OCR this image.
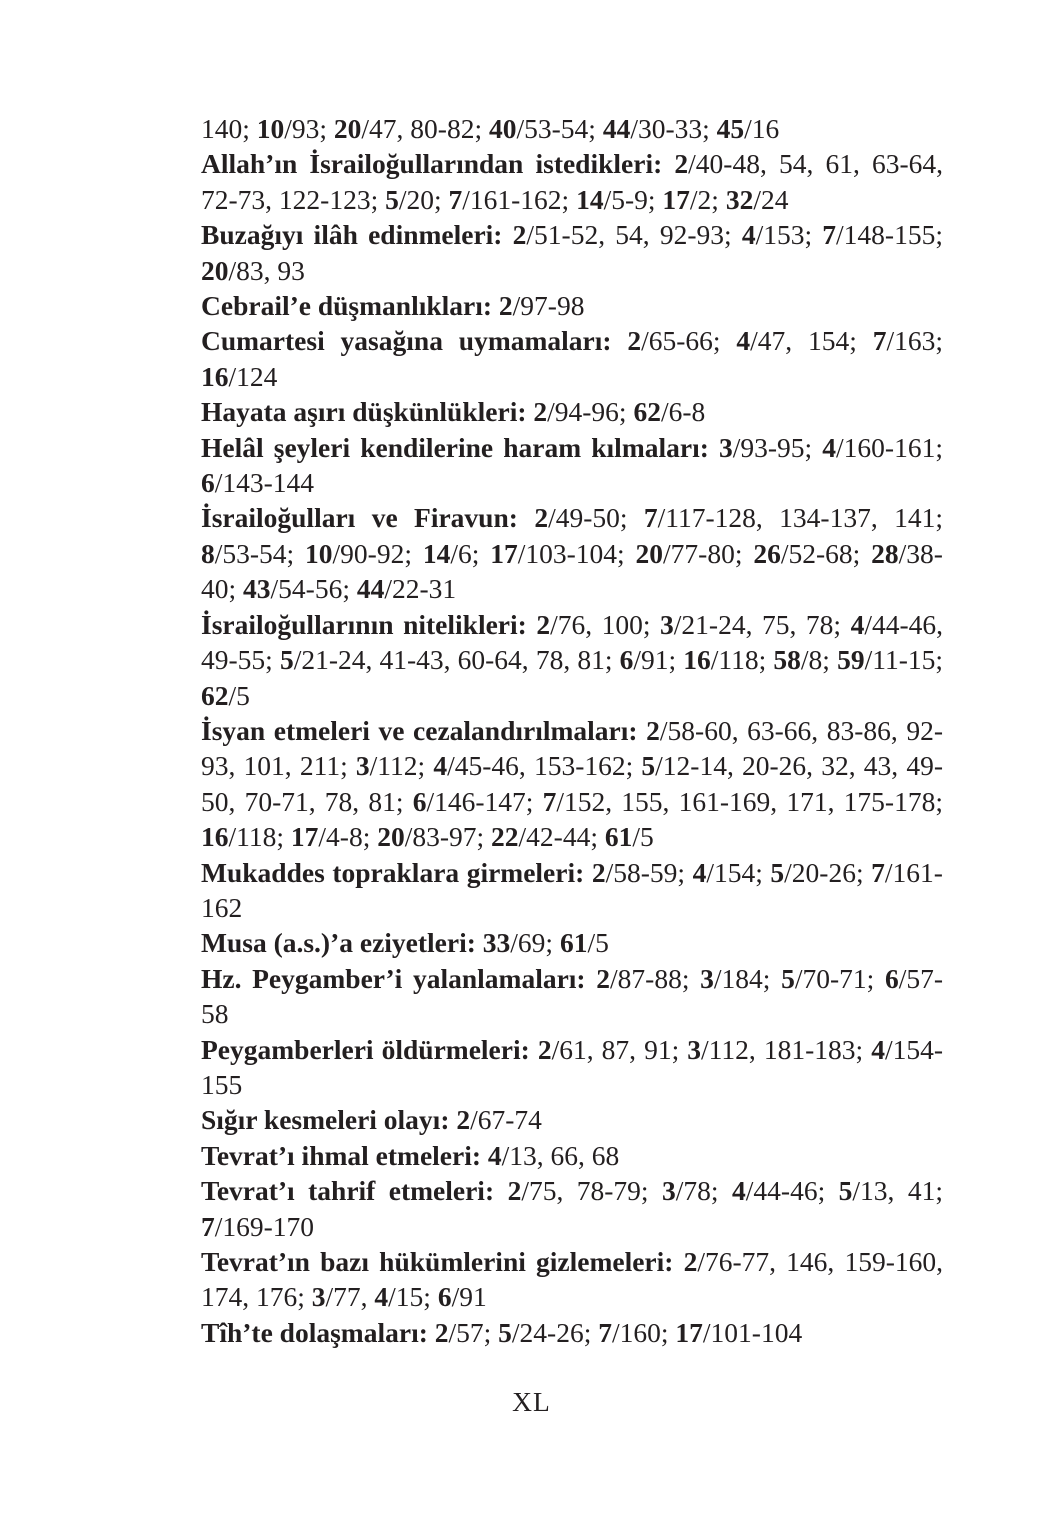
140; 10/93; 20/47, 80-82; 40/53-54; 44/30-33; 45/16

Allah’ın İsrailoğullarından istedikleri: 2/40-48, 54, 61, 63-64, 72-73, 122-123; 5/20; 7/161-162; 14/5-9; 17/2; 32/24

Buzağıyı ilâh edinmeleri: 2/51-52, 54, 92-93; 4/153; 7/148-155; 20/83, 93

Cebrail’e düşmanlıkları: 2/97-98

Cumartesi yasağına uymamaları: 2/65-66; 4/47, 154; 7/163; 16/124

Hayata aşırı düşkünlükleri: 2/94-96; 62/6-8

Helâl şeyleri kendilerine haram kılmaları: 3/93-95; 4/160-161; 6/143-144

İsrailoğulları ve Firavun: 2/49-50; 7/117-128, 134-137, 141; 8/53-54; 10/90-92; 14/6; 17/103-104; 20/77-80; 26/52-68; 28/38-40; 43/54-56; 44/22-31

İsrailoğullarının nitelikleri: 2/76, 100; 3/21-24, 75, 78; 4/44-46, 49-55; 5/21-24, 41-43, 60-64, 78, 81; 6/91; 16/118; 58/8; 59/11-15; 62/5

İsyan etmeleri ve cezalandırılmaları: 2/58-60, 63-66, 83-86, 92-93, 101, 211; 3/112; 4/45-46, 153-162; 5/12-14, 20-26, 32, 43, 49-50, 70-71, 78, 81; 6/146-147; 7/152, 155, 161-169, 171, 175-178; 16/118; 17/4-8; 20/83-97; 22/42-44; 61/5

Mukaddes topraklara girmeleri: 2/58-59; 4/154; 5/20-26; 7/161-162

Musa (a.s.)’a eziyetleri: 33/69; 61/5

Hz. Peygamber’i yalanlamaları: 2/87-88; 3/184; 5/70-71; 6/57-58

Peygamberleri öldürmeleri: 2/61, 87, 91; 3/112, 181-183; 4/154-155

Sığır kesmeleri olayı: 2/67-74

Tevrat’ı ihmal etmeleri: 4/13, 66, 68

Tevrat’ı tahrif etmeleri: 2/75, 78-79; 3/78; 4/44-46; 5/13, 41; 7/169-170

Tevrat’ın bazı hükümlerini gizlemeleri: 2/76-77, 146, 159-160, 174, 176; 3/77, 4/15; 6/91

Tîh’te dolaşmaları: 2/57; 5/24-26; 7/160; 17/101-104

XL
